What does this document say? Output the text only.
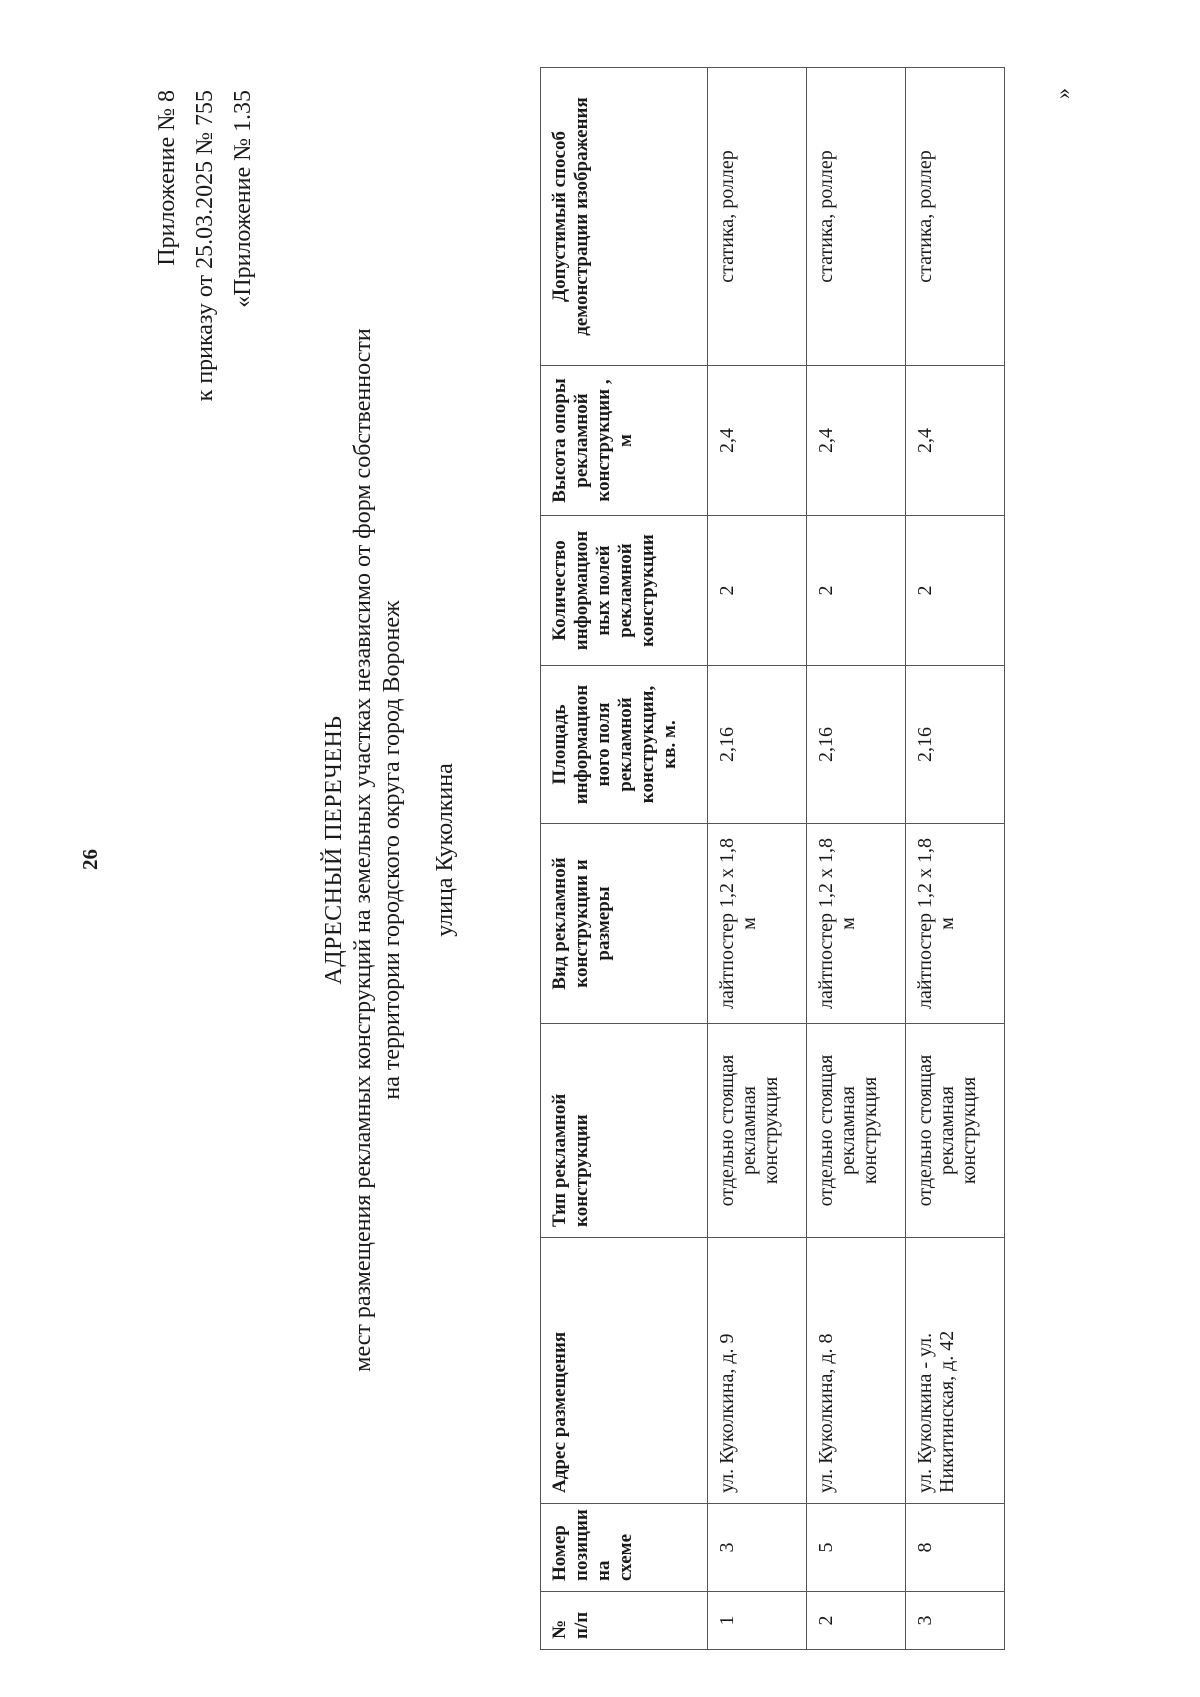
26
Приложение № 8 к приказу от 25.03.2025 № 755 «Приложение № 1.35
АДРЕСНЫЙ ПЕРЕЧЕНЬ мест размещения рекламных конструкций на земельных участках независимо от форм собственности на территории городского округа город Воронеж улица Куколкина
№ п/п	Номер позиции на схеме	Адрес размещения	Тип рекламной конструкции	Вид рекламной конструкции и размеры	Площадь информацион ного поля рекламной конструкции, кв. м.	Количество информацион ных полей рекламной конструкции	Высота опоры рекламной конструкции , м	Допустимый способ демонстрации изображения
1	3	ул. Куколкина, д. 9	отдельно стоящая рекламная конструкция	лайтпостер 1,2 х 1,8 м	2,16	2	2,4	статика, роллер
2	5	ул. Куколкина, д. 8	отдельно стоящая рекламная конструкция	лайтпостер 1,2 х 1,8 м	2,16	2	2,4	статика, роллер
3	8	ул. Куколкина - ул. Никитинская, д. 42	отдельно стоящая рекламная конструкция	лайтпостер 1,2 х 1,8 м	2,16	2	2,4	статика, роллер
»
